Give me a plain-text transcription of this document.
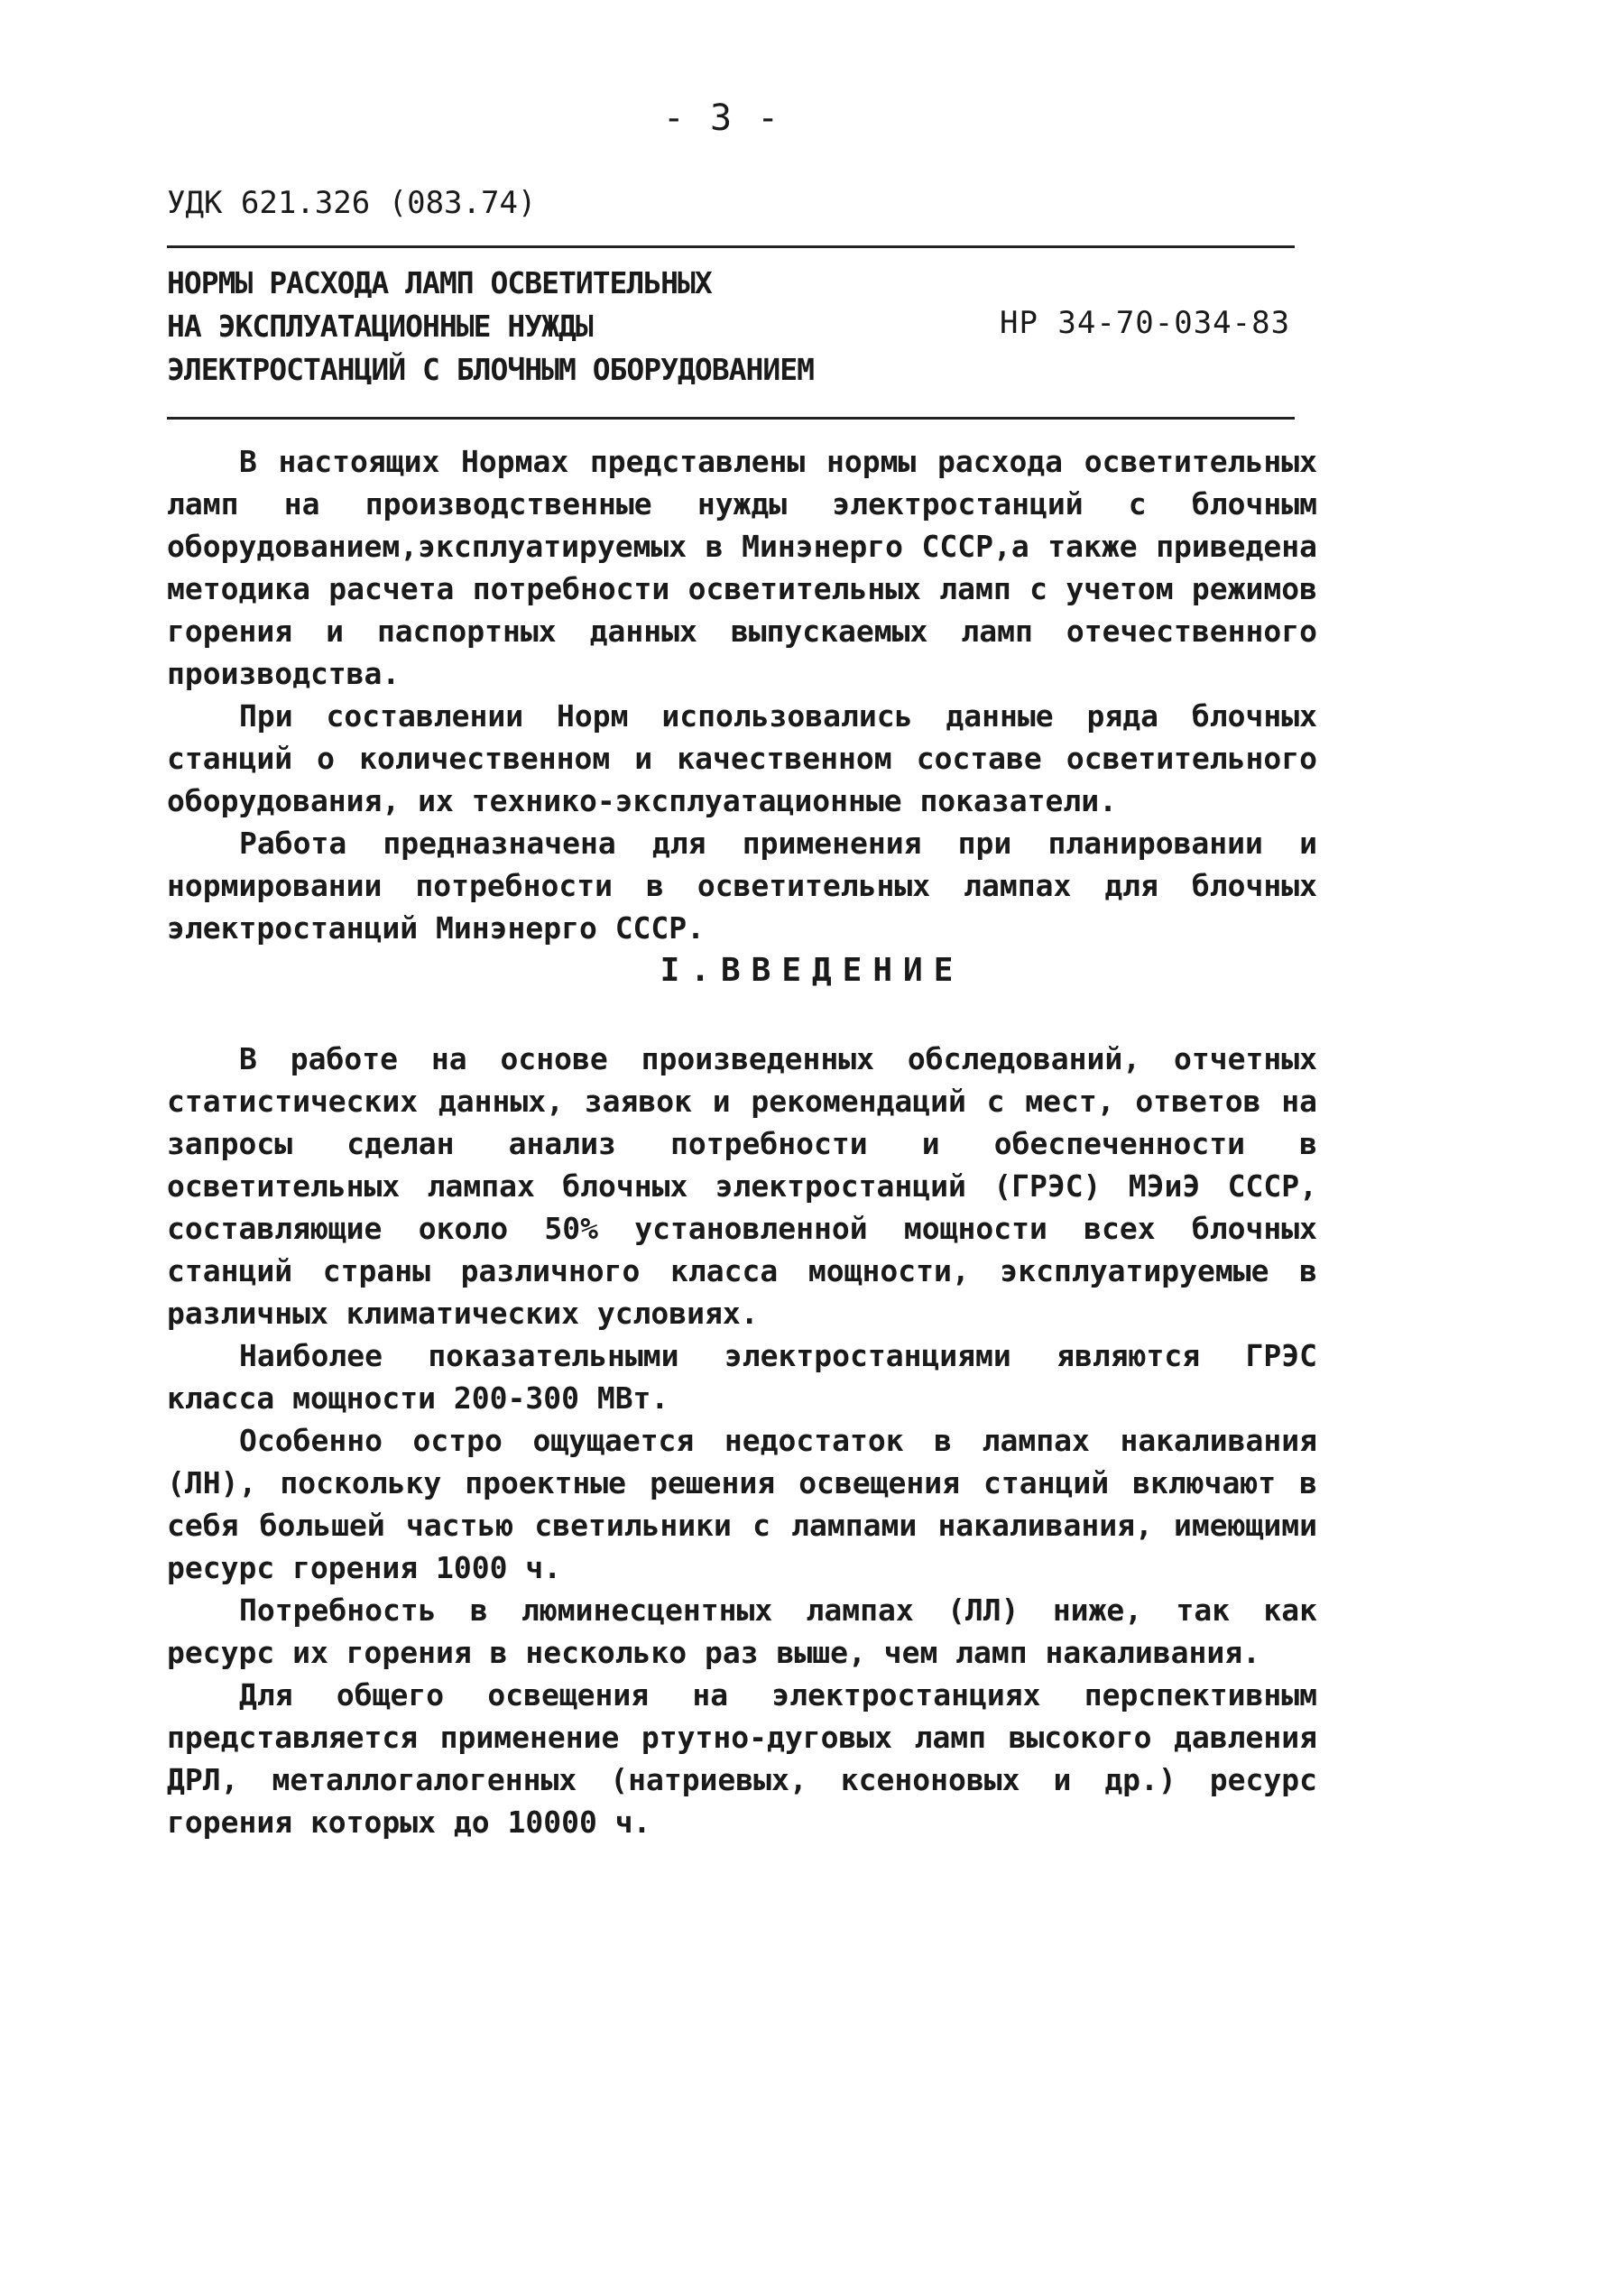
- 3 -
УДК 621.326 (083.74)
НОРМЫ РАСХОДА ЛАМП ОСВЕТИТЕЛЬНЫХ
НА ЭКСПЛУАТАЦИОННЫЕ НУЖДЫ
ЭЛЕКТРОСТАНЦИЙ С БЛОЧНЫМ ОБОРУДОВАНИЕМ
НР 34-70-034-83

В настоящих Нормах представлены нормы расхода осветительных ламп на производственные нужды электростанций с блочным оборудованием,эксплуатируемых в Минэнерго СССР,а также приведена методика расчета потребности осветительных ламп с учетом режимов горения и паспортных данных выпускаемых ламп отечественного производства.

При составлении Норм использовались данные ряда блочных станций о количественном и качественном составе осветительного оборудования, их технико-эксплуатационные показатели.

Работа предназначена для применения при планировании и нормировании потребности в осветительных лампах для блочных электростанций Минэнерго СССР.

I.ВВЕДЕНИЕ

В работе на основе произведенных обследований, отчетных статистических данных, заявок и рекомендаций с мест, ответов на запросы сделан анализ потребности и обеспеченности в осветительных лампах блочных электростанций (ГРЭС) МЭиЭ СССР, составляющие около 50% установленной мощности всех блочных станций страны различного класса мощности, эксплуатируемые в различных климатических условиях.

Наиболее показательными электростанциями являются ГРЭС класса мощности 200-300 МВт.

Особенно остро ощущается недостаток в лампах накаливания (ЛН), поскольку проектные решения освещения станций включают в себя большей частью светильники с лампами накаливания, имеющими ресурс горения 1000 ч.

Потребность в люминесцентных лампах (ЛЛ) ниже, так как ресурс их горения в несколько раз выше, чем ламп накаливания.

Для общего освещения на электростанциях перспективным представляется применение ртутно-дуговых ламп высокого давления ДРЛ, металлогалогенных (натриевых, ксеноновых и др.) ресурс горения которых до 10000 ч.
